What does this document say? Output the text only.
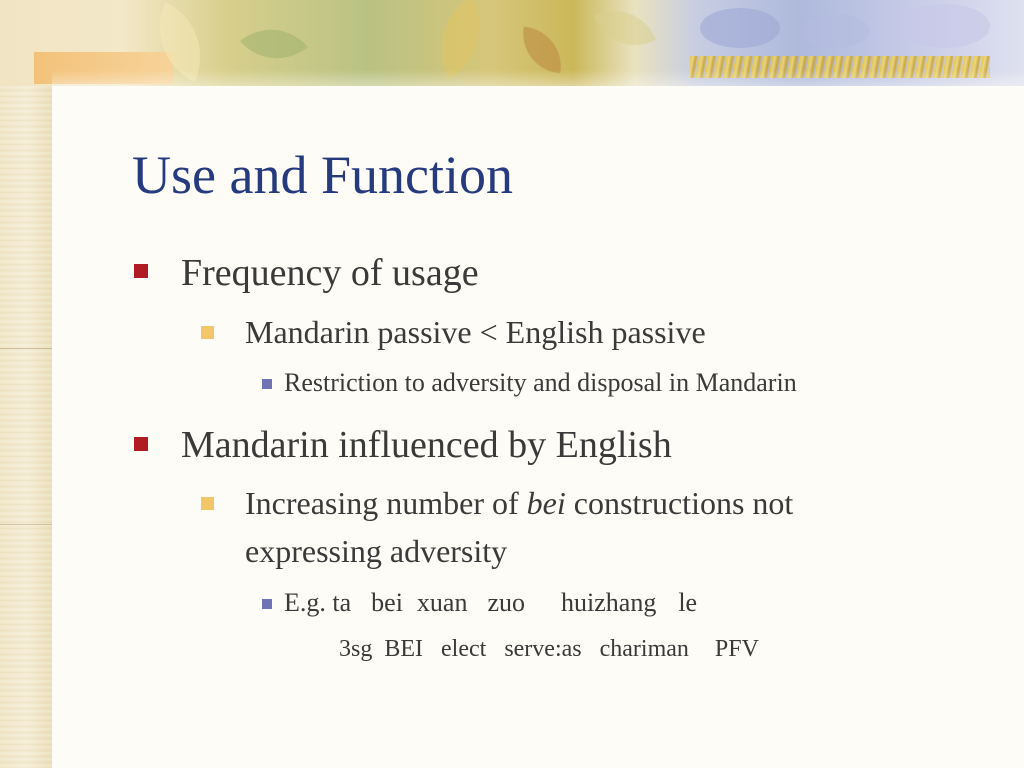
Use and Function
Frequency of usage
Mandarin passive < English passive
Restriction to adversity and disposal in Mandarin
Mandarin influenced by English
Increasing number of bei constructions not
expressing adversity
E.g. ta bei xuan zuo huizhang le
3sg BEI elect serve:as chariman PFV
